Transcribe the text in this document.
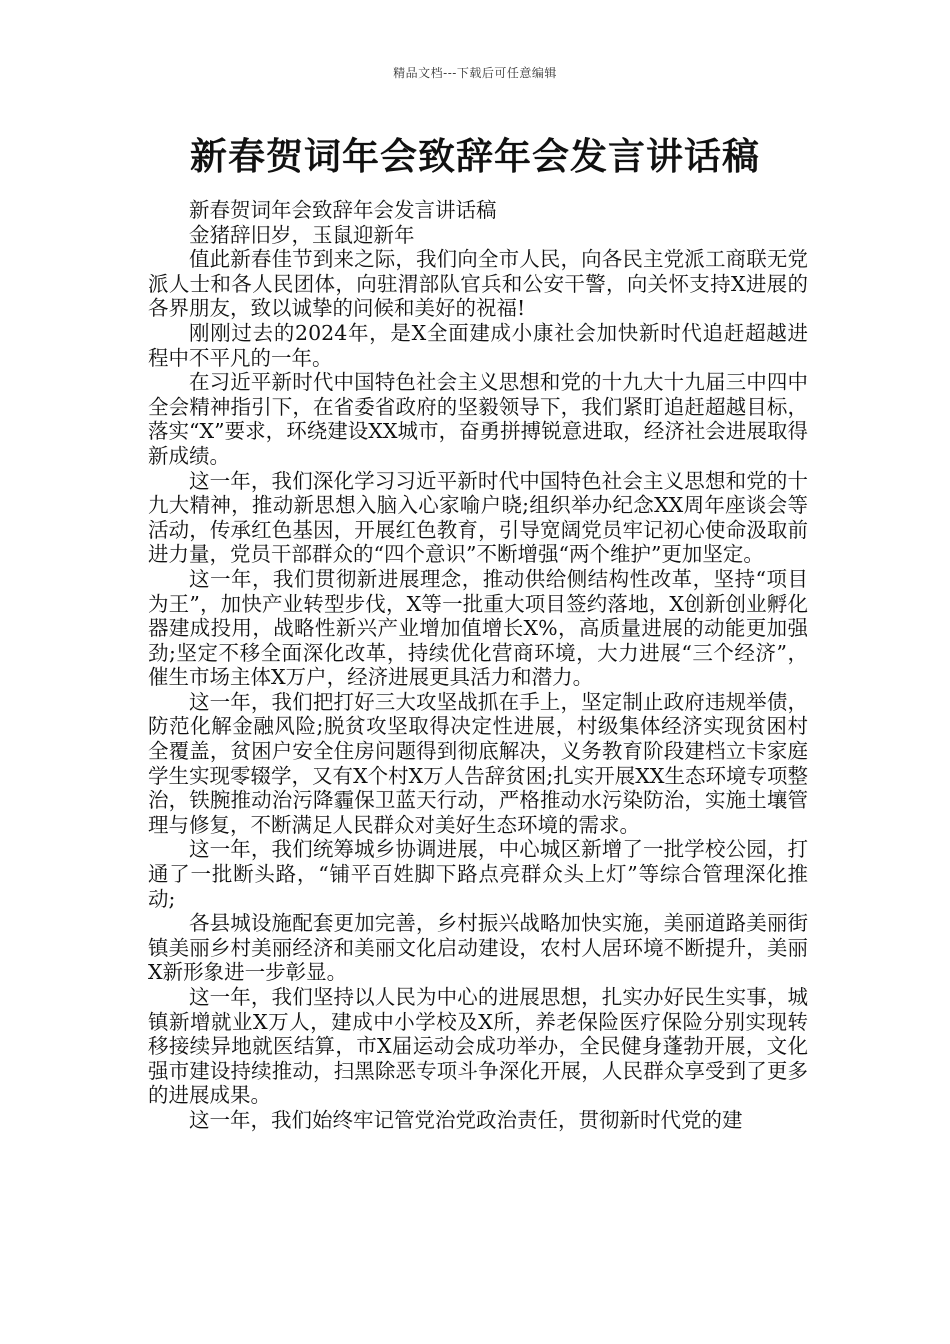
精品文档---下载后可任意编辑
新春贺词年会致辞年会发言讲话稿

新春贺词年会致辞年会发言讲话稿

金猪辞旧岁，玉鼠迎新年

值此新春佳节到来之际，我们向全市人民，向各民主党派工商联无党派人士和各人民团体，向驻渭部队官兵和公安干警，向关怀支持X进展的各界朋友，致以诚挚的问候和美好的祝福!

刚刚过去的2024年，是X全面建成小康社会加快新时代追赶超越进程中不平凡的一年。

在习近平新时代中国特色社会主义思想和党的十九大十九届三中四中全会精神指引下，在省委省政府的坚毅领导下，我们紧盯追赶超越目标，落实“X”要求，环绕建设XX城市，奋勇拼搏锐意进取，经济社会进展取得新成绩。

这一年，我们深化学习习近平新时代中国特色社会主义思想和党的十九大精神，推动新思想入脑入心家喻户晓;组织举办纪念XX周年座谈会等活动，传承红色基因，开展红色教育，引导宽阔党员牢记初心使命汲取前进力量，党员干部群众的“四个意识”不断增强“两个维护”更加坚定。

这一年，我们贯彻新进展理念，推动供给侧结构性改革，坚持“项目为王”，加快产业转型步伐，X等一批重大项目签约落地，X创新创业孵化器建成投用，战略性新兴产业增加值增长X%，高质量进展的动能更加强劲;坚定不移全面深化改革，持续优化营商环境，大力进展“三个经济”，催生市场主体X万户，经济进展更具活力和潜力。

这一年，我们把打好三大攻坚战抓在手上，坚定制止政府违规举债，防范化解金融风险;脱贫攻坚取得决定性进展，村级集体经济实现贫困村全覆盖，贫困户安全住房问题得到彻底解决，义务教育阶段建档立卡家庭学生实现零辍学，又有X个村X万人告辞贫困;扎实开展XX生态环境专项整治，铁腕推动治污降霾保卫蓝天行动，严格推动水污染防治，实施土壤管理与修复，不断满足人民群众对美好生态环境的需求。

这一年，我们统筹城乡协调进展，中心城区新增了一批学校公园，打通了一批断头路，“铺平百姓脚下路点亮群众头上灯”等综合管理深化推动;

各县城设施配套更加完善，乡村振兴战略加快实施，美丽道路美丽街镇美丽乡村美丽经济和美丽文化启动建设，农村人居环境不断提升，美丽X新形象进一步彰显。

这一年，我们坚持以人民为中心的进展思想，扎实办好民生实事，城镇新增就业X万人，建成中小学校及X所，养老保险医疗保险分别实现转移接续异地就医结算，市X届运动会成功举办，全民健身蓬勃开展，文化强市建设持续推动，扫黑除恶专项斗争深化开展，人民群众享受到了更多的进展成果。

这一年，我们始终牢记管党治党政治责任，贯彻新时代党的建
